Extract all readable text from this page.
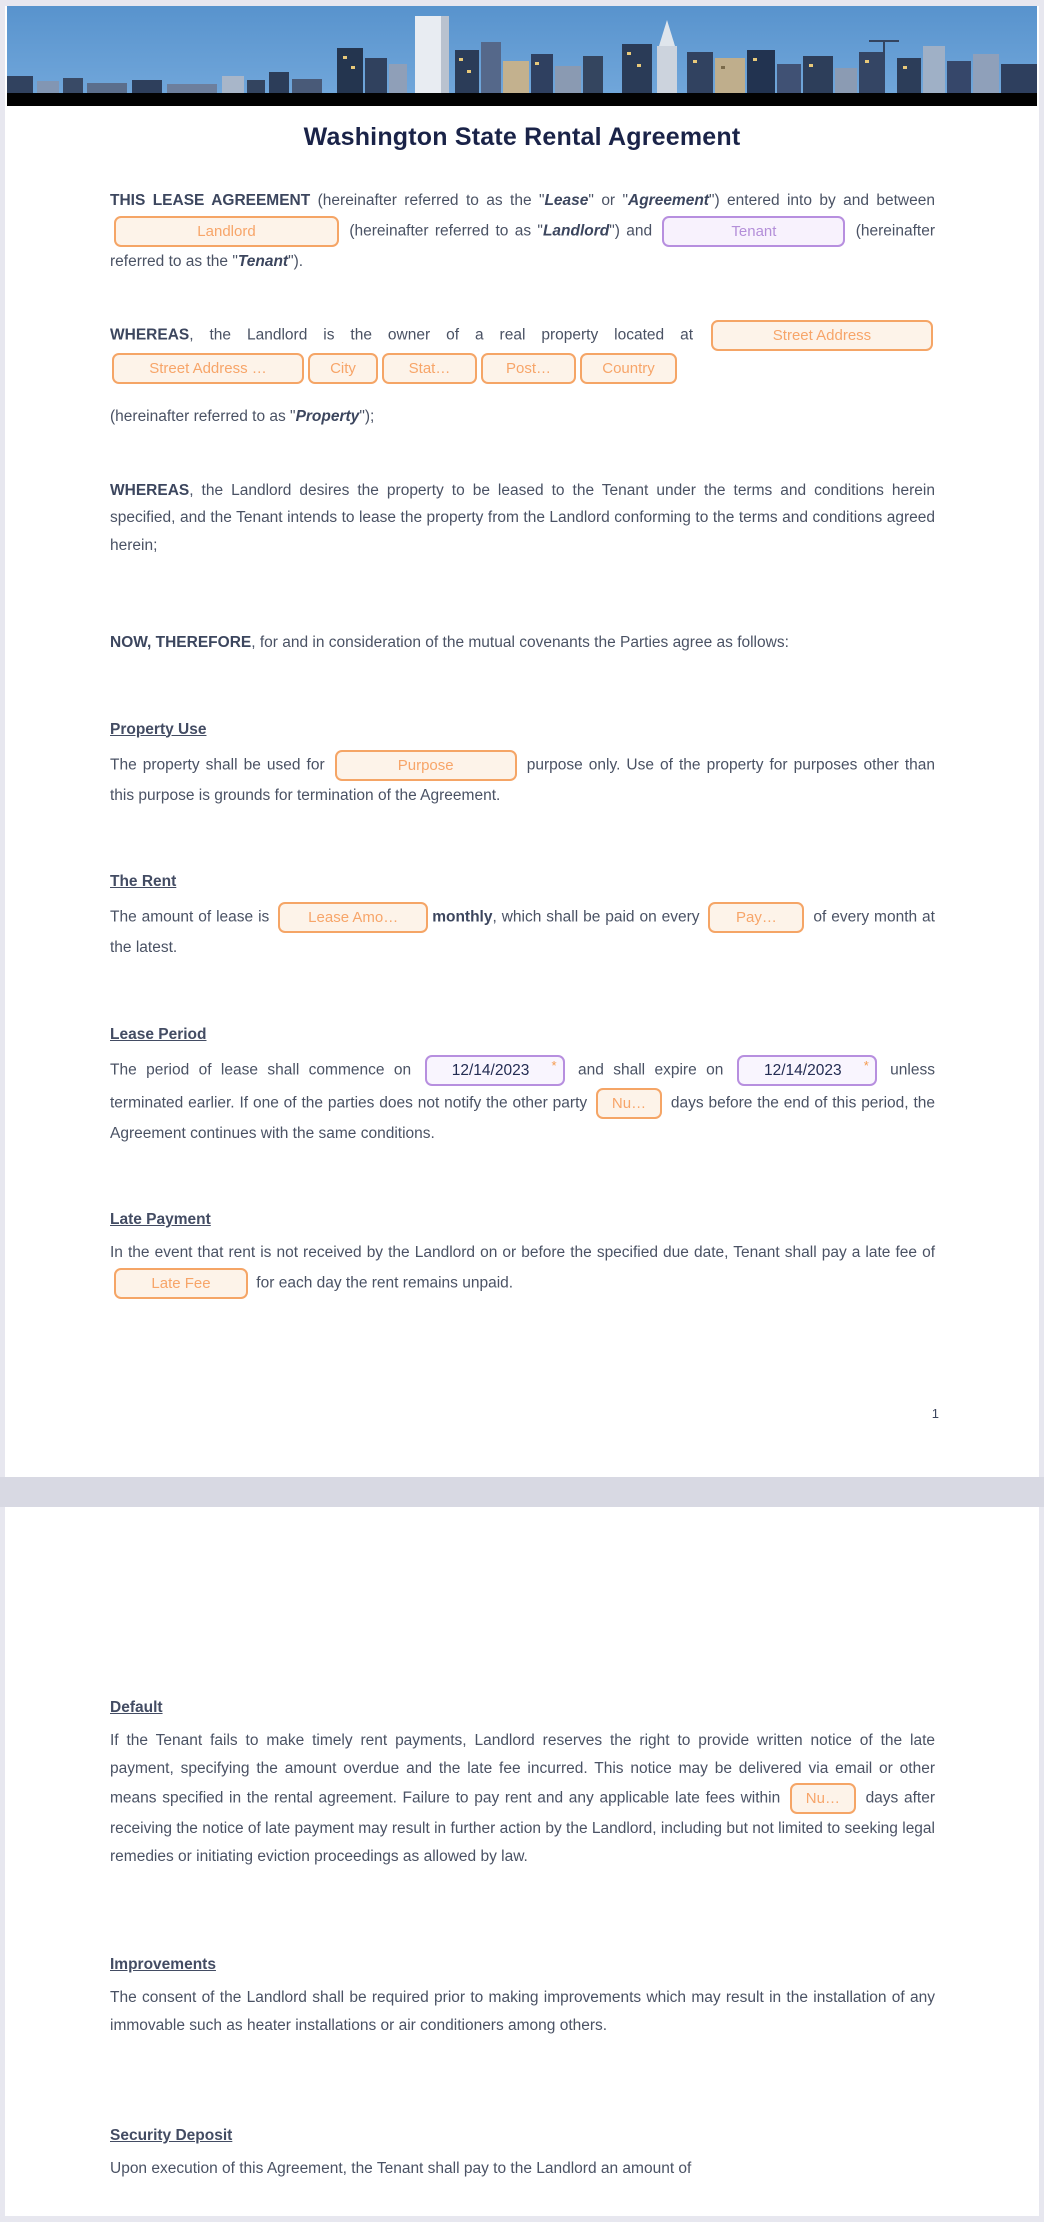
Washington State Rental Agreement

THIS LEASE AGREEMENT (hereinafter referred to as the "Lease" or "Agreement") entered into by and between Landlord	(hereinafter referred to as "Landlord") and	Tenant	(hereinafter referred to as the "Tenant").

WHEREAS, the Landlord is the owner of a real property located at	Street AddressStreet Address …	City	Stat…	Post…	Country

(hereinafter referred to as "Property");

WHEREAS, the Landlord desires the property to be leased to the Tenant under the terms and conditions herein specified, and the Tenant intends to lease the property from the Landlord conforming to the terms and conditions agreed herein;

NOW, THEREFORE, for and in consideration of the mutual covenants the Parties agree as follows:

Property Use

The property shall be used for	Purpose	purpose only. Use of the property for purposes other than this purpose is grounds for termination of the Agreement.

The Rent

The amount of lease is Lease Amo… monthly, which shall be paid on every Pay… of every month at the latest.

Lease Period

The period of lease shall commence on 12/14/2023 * and shall expire on 12/14/2023 * unless terminated earlier. If one of the parties does not notify the other party Nu… days before the end of this period, the Agreement continues with the same conditions.

Late Payment

In the event that rent is not received by the Landlord on or before the specified due date, Tenant shall pay a late fee of Late Fee	for each day the rent remains unpaid.

1
Default

If the Tenant fails to make timely rent payments, Landlord reserves the right to provide written notice of the late payment, specifying the amount overdue and the late fee incurred. This notice may be delivered via email or other means specified in the rental agreement. Failure to pay rent and any applicable late fees within Nu… days after receiving the notice of late payment may result in further action by the Landlord, including but not limited to seeking legal remedies or initiating eviction proceedings as allowed by law.

Improvements

The consent of the Landlord shall be required prior to making improvements which may result in the installation of any immovable such as heater installations or air conditioners among others.

Security Deposit

Upon execution of this Agreement, the Tenant shall pay to the Landlord an amount of
